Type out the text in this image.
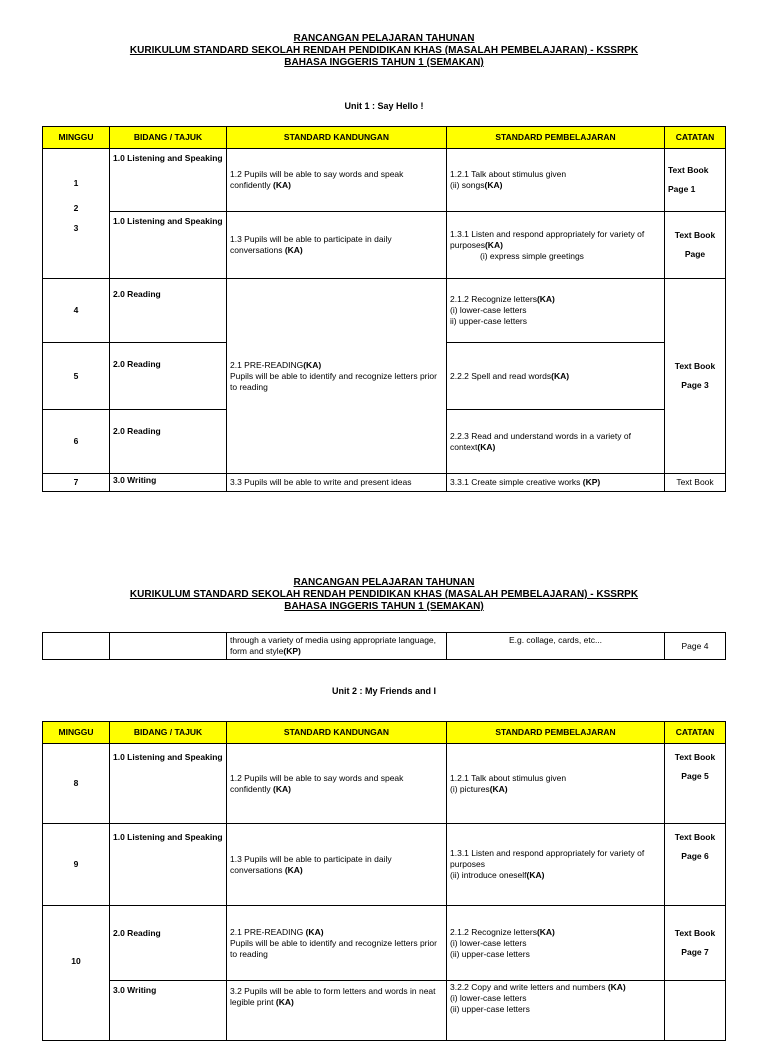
RANCANGAN PELAJARAN TAHUNAN
KURIKULUM STANDARD SEKOLAH RENDAH PENDIDIKAN KHAS (MASALAH PEMBELAJARAN) - KSSRPK
BAHASA INGGERIS TAHUN 1 (SEMAKAN)
Unit 1 : Say Hello !
MINGGU	BIDANG / TAJUK	STANDARD KANDUNGAN	STANDARD PEMBELAJARAN	CATATAN

1
2
3	1.0 Listening and Speaking	1.2 Pupils will be able to say words and speak confidently (KA)	1.2.1 Talk about stimulus given
(ii) songs(KA)	Text Book
Page 1
	1.0 Listening and Speaking	1.3 Pupils will be able to participate in daily conversations (KA)	1.3.1 Listen and respond appropriately for variety of purposes(KA)
(i) express simple greetings	Text Book
Page
4	2.0 Reading	2.1 PRE-READING(KA)
Pupils will be able to identify and recognize letters prior to reading	2.1.2 Recognize letters(KA)
(i) lower-case letters
ii) upper-case letters	Text Book
Page 3
5	2.0 Reading		2.2.2 Spell and read words(KA)	
6	2.0 Reading		2.2.3 Read and understand words in a variety of context(KA)	
7	3.0 Writing	3.3 Pupils will be able to write and present ideas	3.3.1 Create simple creative works (KP)	Text Book
RANCANGAN PELAJARAN TAHUNAN
KURIKULUM STANDARD SEKOLAH RENDAH PENDIDIKAN KHAS (MASALAH PEMBELAJARAN) - KSSRPK
BAHASA INGGERIS TAHUN 1 (SEMAKAN)
		through a variety of media using appropriate language, form and style(KP)	E.g. collage, cards, etc...	Page 4
Unit 2 : My Friends and I
MINGGU	BIDANG / TAJUK	STANDARD KANDUNGAN	STANDARD PEMBELAJARAN	CATATAN
8	1.0 Listening and Speaking	1.2 Pupils will be able to say words and speak confidently (KA)	1.2.1 Talk about stimulus given
(i) pictures(KA)	Text Book
Page 5
9	1.0 Listening and Speaking	1.3 Pupils will be able to participate in daily conversations (KA)	1.3.1 Listen and respond appropriately for variety of purposes
(ii) introduce oneself(KA)	Text Book
Page 6
10	2.0 Reading	2.1 PRE-READING (KA)
Pupils will be able to identify and recognize letters prior to reading	2.1.2 Recognize letters(KA)
(i) lower-case letters
(ii) upper-case letters	Text Book
Page 7
	3.0 Writing	3.2 Pupils will be able to form letters and words in neat legible print (KA)	3.2.2 Copy and write letters and numbers (KA)
(i) lower-case letters
(ii) upper-case letters	
